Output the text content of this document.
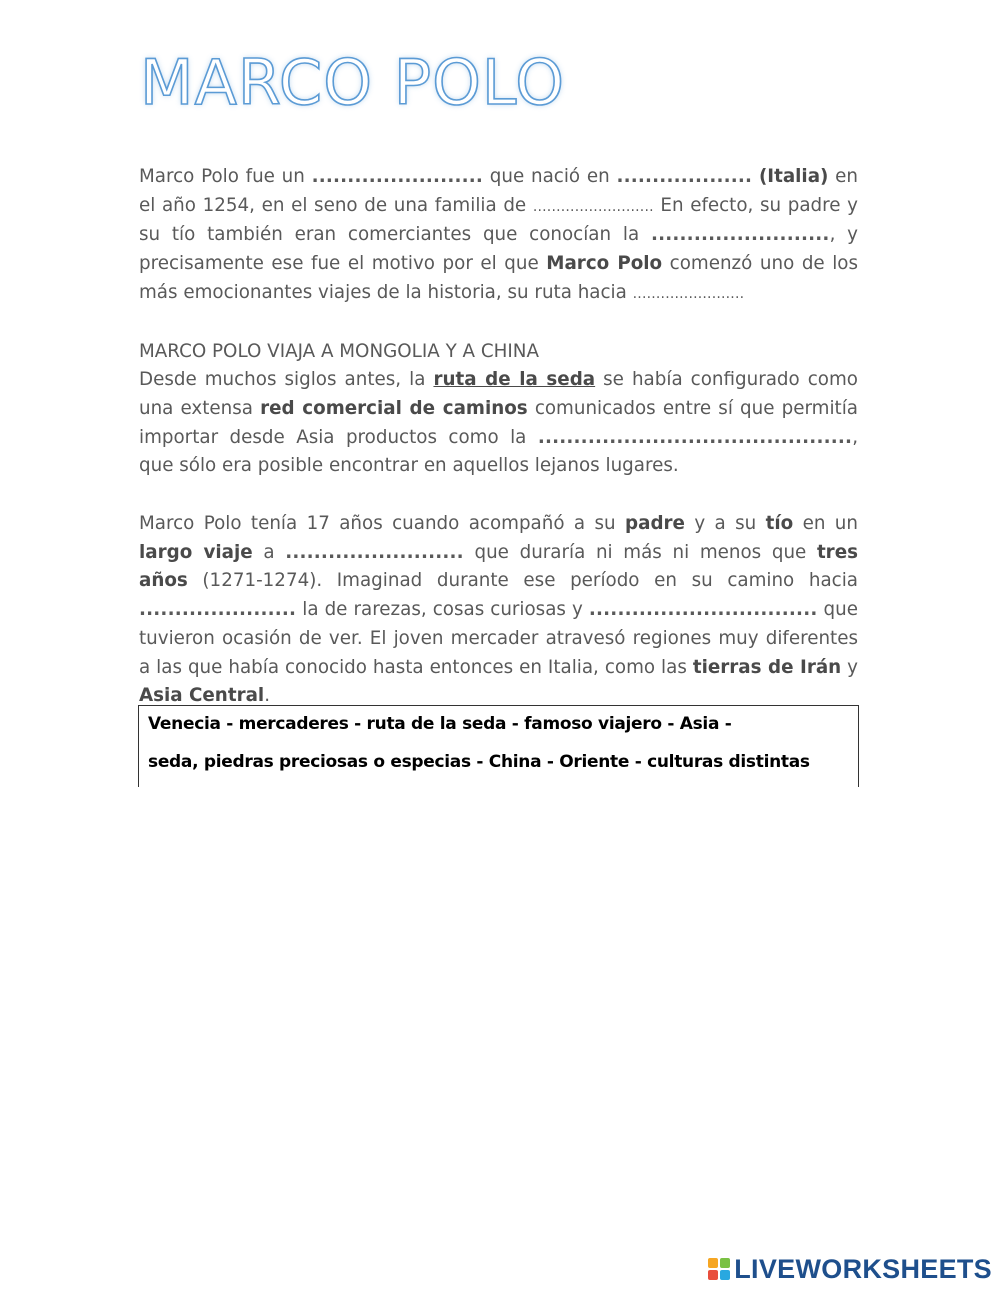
MARCO POLO

Marco Polo fue un ........................ que nació en ................... (Italia) en el año 1254, en el seno de una familia de .......................... En efecto, su padre y su tío también eran comerciantes que conocían la ........................., y precisamente ese fue el motivo por el que Marco Polo comenzó uno de los más emocionantes viajes de la historia, su ruta hacia ........................

MARCO POLO VIAJA A MONGOLIA Y A CHINA

Desde muchos siglos antes, la ruta de la seda se había configurado como una extensa red comercial de caminos comunicados entre sí que permitía importar desde Asia productos como la ............................................, que sólo era posible encontrar en aquellos lejanos lugares.

Marco Polo tenía 17 años cuando acompañó a su padre y a su tío en un largo viaje a ......................... que duraría ni más ni menos que tres años (1271-1274). Imaginad durante ese período en su camino hacia ...................... la de rarezas, cosas curiosas y ................................ que tuvieron ocasión de ver. El joven mercader atravesó regiones muy diferentes a las que había conocido hasta entonces en Italia, como las tierras de Irán y Asia Central.

Venecia - mercaderes - ruta de la seda - famoso viajero - Asia -
seda, piedras preciosas o especias - China - Oriente - culturas distintas
LIVEWORKSHEETS
